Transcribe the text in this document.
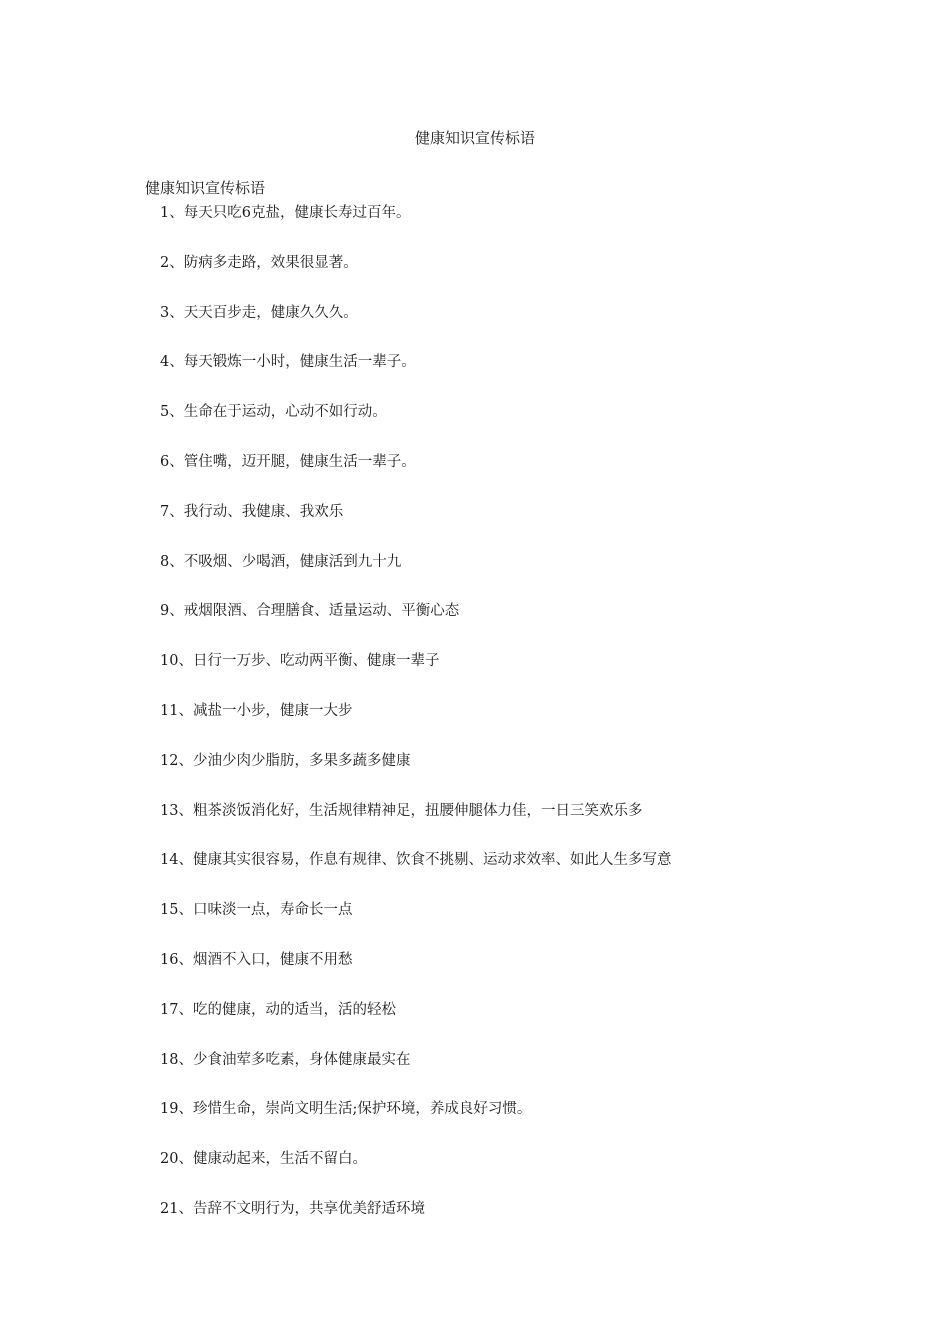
健康知识宣传标语
健康知识宣传标语
1、每天只吃6克盐，健康长寿过百年。
2、防病多走路，效果很显著。
3、天天百步走，健康久久久。
4、每天锻炼一小时，健康生活一辈子。
5、生命在于运动，心动不如行动。
6、管住嘴，迈开腿，健康生活一辈子。
7、我行动、我健康、我欢乐
8、不吸烟、少喝酒，健康活到九十九
9、戒烟限酒、合理膳食、适量运动、平衡心态
10、日行一万步、吃动两平衡、健康一辈子
11、减盐一小步，健康一大步
12、少油少肉少脂肪，多果多蔬多健康
13、粗茶淡饭消化好，生活规律精神足，扭腰伸腿体力佳，一日三笑欢乐多
14、健康其实很容易，作息有规律、饮食不挑剔、运动求效率、如此人生多写意
15、口味淡一点，寿命长一点
16、烟酒不入口，健康不用愁
17、吃的健康，动的适当，活的轻松
18、少食油荤多吃素，身体健康最实在
19、珍惜生命，崇尚文明生活;保护环境，养成良好习惯。
20、健康动起来，生活不留白。
21、告辞不文明行为，共享优美舒适环境
